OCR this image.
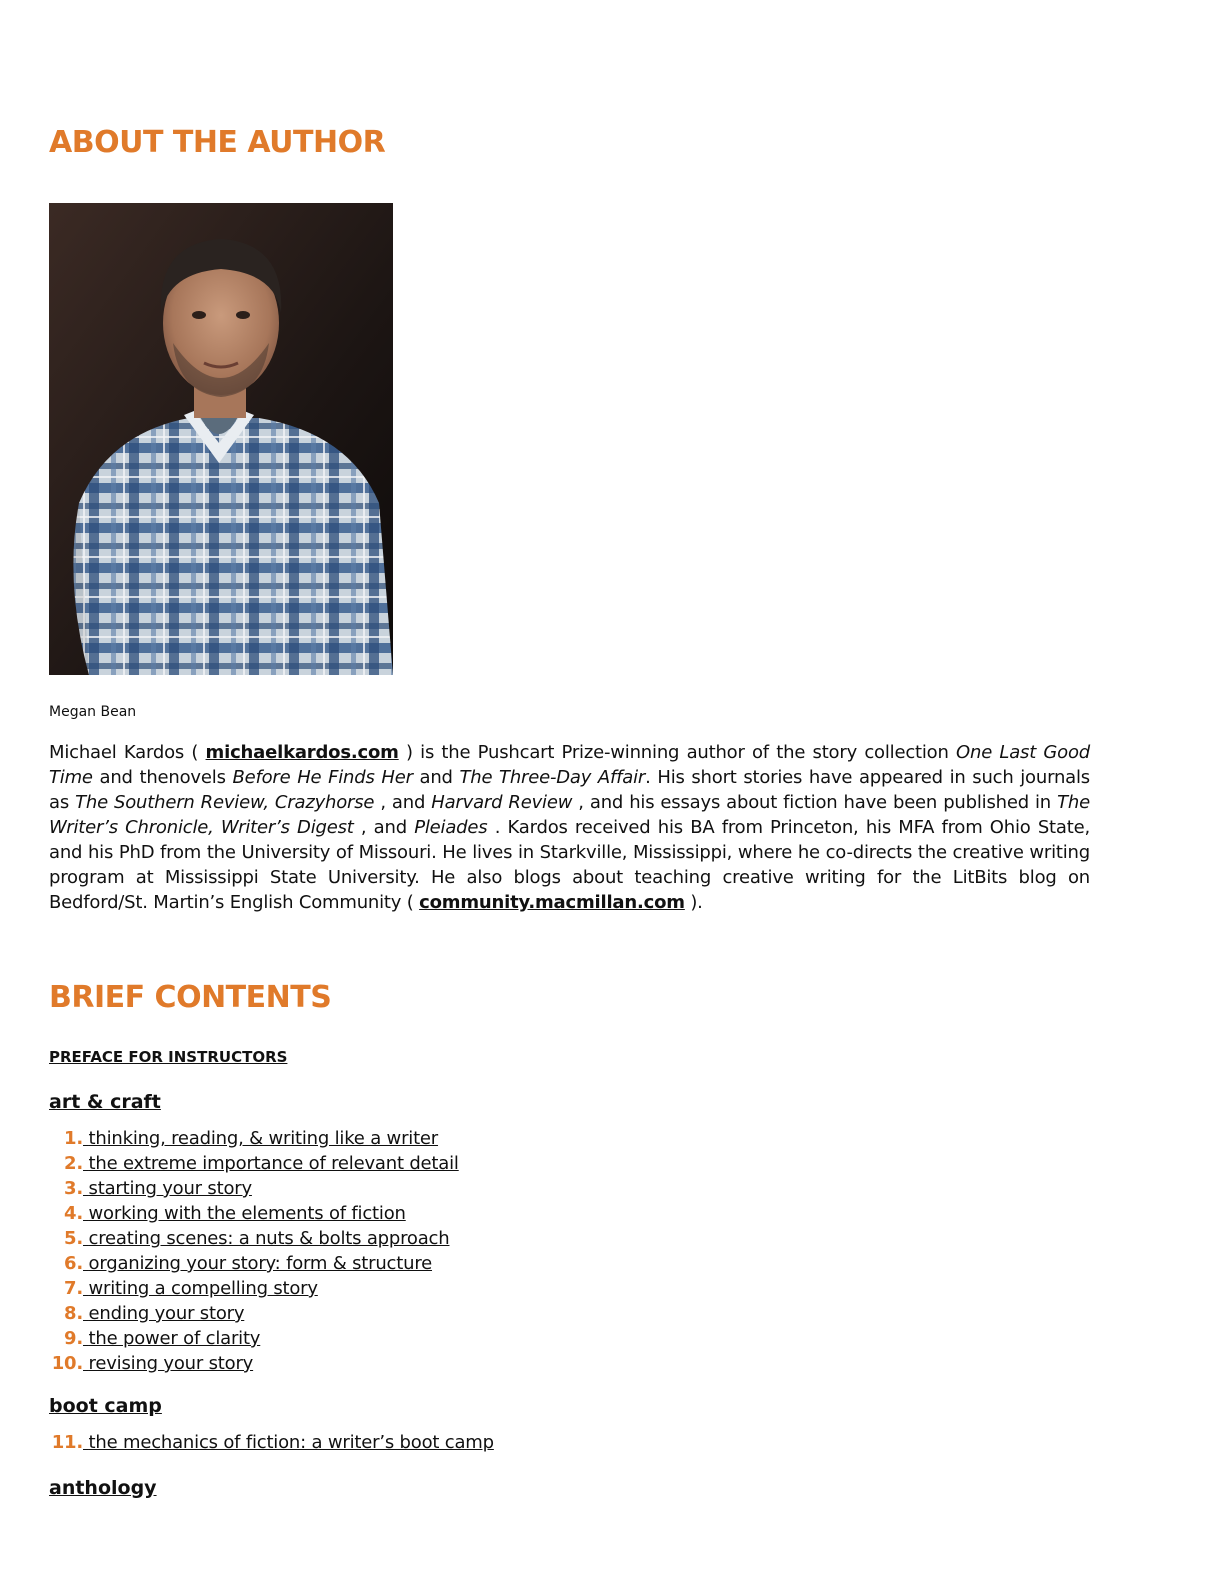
ABOUT THE AUTHOR
Megan Bean

Michael Kardos ( michaelkardos.com ) is the Pushcart Prize-winning author of the story collection One Last Good Time and thenovels Before He Finds Her and The Three-Day Affair. His short stories have appeared in such journals as The Southern Review, Crazyhorse , and Harvard Review , and his essays about fiction have been published in The Writer’s Chronicle, Writer’s Digest , and Pleiades . Kardos received his BA from Princeton, his MFA from Ohio State, and his PhD from the University of Missouri. He lives in Starkville, Mississippi, where he co-directs the creative writing program at Mississippi State University. He also blogs about teaching creative writing for the LitBits blog on Bedford/St. Martin’s English Community ( community.macmillan.com ).

BRIEF CONTENTS
PREFACE FOR INSTRUCTORS
art & craft
1. thinking, reading, & writing like a writer
2. the extreme importance of relevant detail
3. starting your story
4. working with the elements of fiction
5. creating scenes: a nuts & bolts approach
6. organizing your story: form & structure
7. writing a compelling story
8. ending your story
9. the power of clarity
10. revising your story
boot camp
11. the mechanics of fiction: a writer’s boot camp
anthology
